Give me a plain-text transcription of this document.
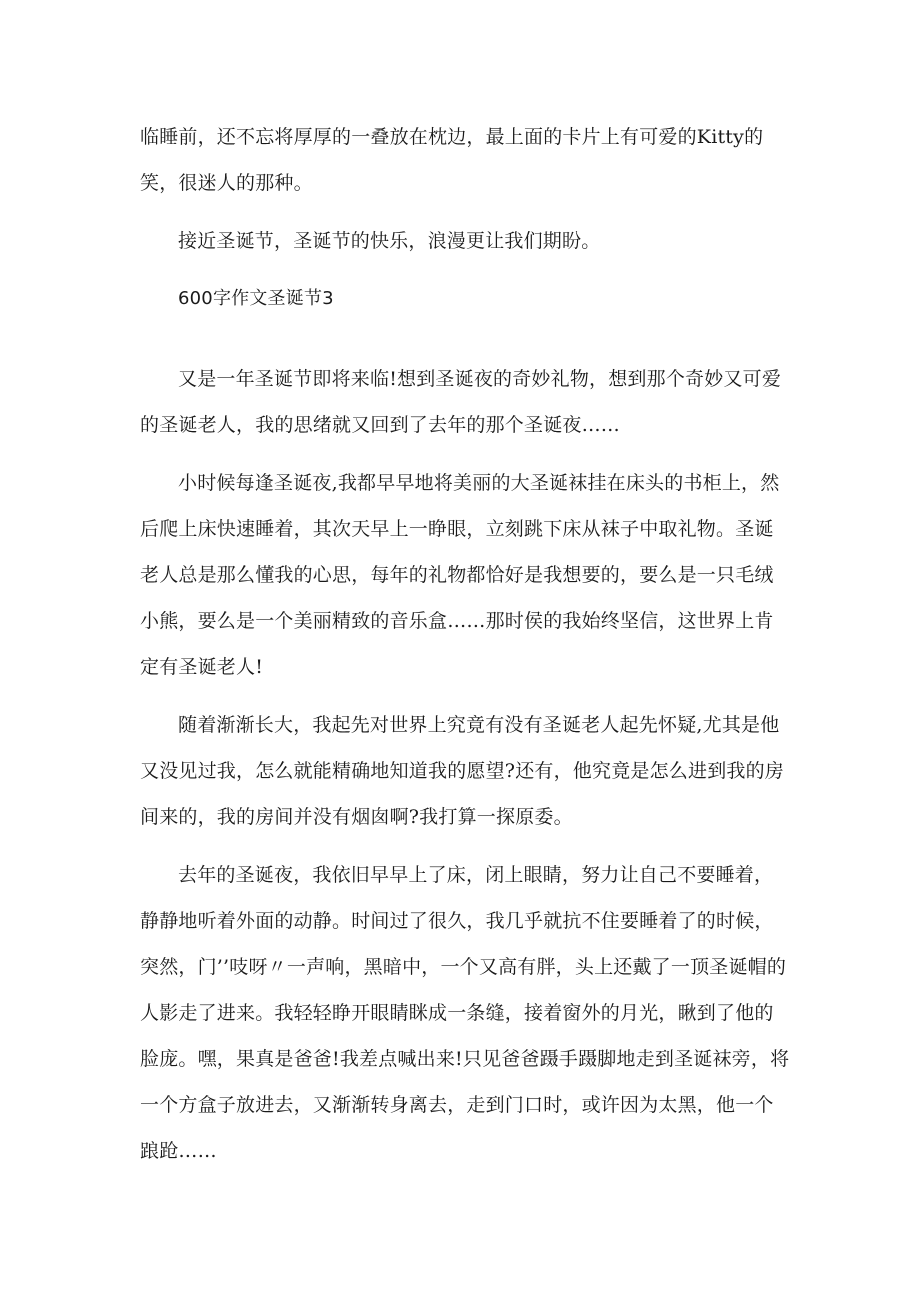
临睡前，还不忘将厚厚的一叠放在枕边，最上面的卡片上有可爱的Kitty的笑，很迷人的那种。

接近圣诞节，圣诞节的快乐，浪漫更让我们期盼。

600字作文圣诞节3

又是一年圣诞节即将来临!想到圣诞夜的奇妙礼物，想到那个奇妙又可爱的圣诞老人，我的思绪就又回到了去年的那个圣诞夜……

小时候每逢圣诞夜,我都早早地将美丽的大圣诞袜挂在床头的书柜上，然后爬上床快速睡着，其次天早上一睁眼，立刻跳下床从袜子中取礼物。圣诞老人总是那么懂我的心思，每年的礼物都恰好是我想要的，要么是一只毛绒小熊，要么是一个美丽精致的音乐盒……那时侯的我始终坚信，这世界上肯定有圣诞老人!

随着渐渐长大，我起先对世界上究竟有没有圣诞老人起先怀疑,尤其是他又没见过我，怎么就能精确地知道我的愿望?还有，他究竟是怎么进到我的房间来的，我的房间并没有烟囱啊?我打算一探原委。

去年的圣诞夜，我依旧早早上了床，闭上眼睛，努力让自己不要睡着，静静地听着外面的动静。时间过了很久，我几乎就抗不住要睡着了的时候，突然，门’’吱呀〃一声响，黑暗中，一个又高有胖，头上还戴了一顶圣诞帽的人影走了进来。我轻轻睁开眼睛眯成一条缝，接着窗外的月光，瞅到了他的脸庞。嘿，果真是爸爸!我差点喊出来!只见爸爸蹑手蹑脚地走到圣诞袜旁，将一个方盒子放进去，又渐渐转身离去，走到门口时，或许因为太黑，他一个踉跄……
